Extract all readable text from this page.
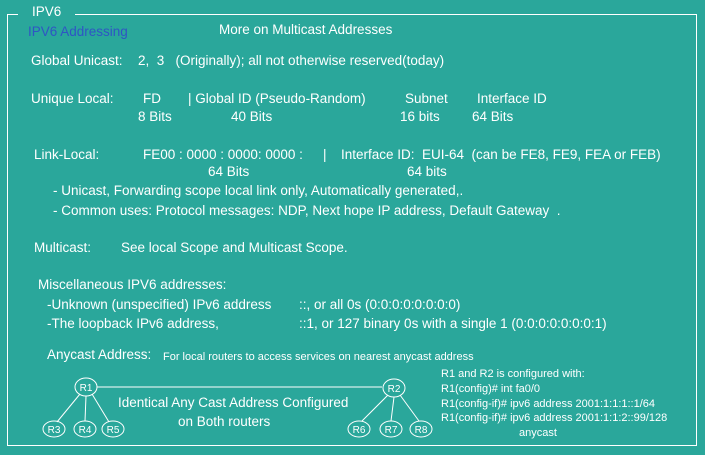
IPV6
IPV6 Addressing	More on Multicast Addresses
Global Unicast: 2,  3   (Originally); all not otherwise reserved(today)
Unique Local: FD | Global ID (Pseudo-Random)	Subnet Interface ID
8 Bits	40 Bits	16 bits 64 Bits
Link-Local:	FE00 : 0000 : 0000: 0000 : | Interface ID:  EUI-64  (can be FE8, FE9, FEA or FEB)
64 Bits	64 bits
- Unicast, Forwarding scope local link only, Automatically generated,.
- Common uses: Protocol messages: NDP, Next hope IP address, Default Gateway  .
Multicast: See local Scope and Multicast Scope.
Miscellaneous IPV6 addresses:
-Unknown (unspecified) IPv6 address ::, or all 0s (0:0:0:0:0:0:0:0)
-The loopback IPv6 address,	::1, or 127 binary 0s with a single 1 (0:0:0:0:0:0:0:1)
Anycast Address: For local routers to access services on nearest anycast address
R1	R2
R3 R4 R5	R6 R7 R8
Identical Any Cast Address Configured
on Both routers
R1 and R2 is configured with:
R1(config)# int fa0/0
R1(config-if)# ipv6 address 2001:1:1:1::1/64
R1(config-if)# ipv6 address 2001:1:1:2::99/128
anycast
